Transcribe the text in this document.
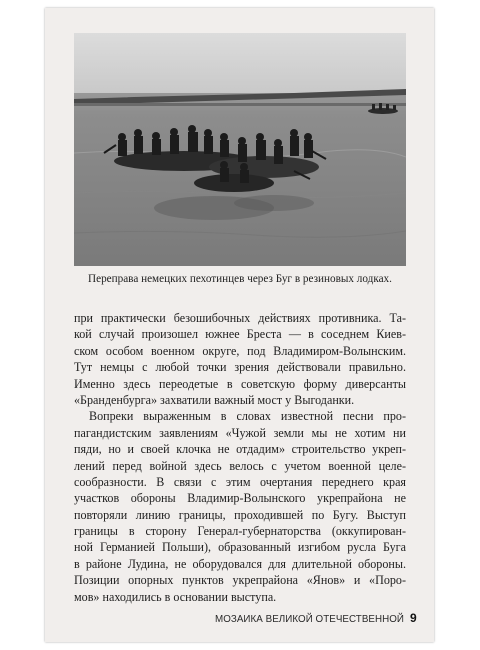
Переправа немецких пехотинцев через Буг в резиновых лодках.
при практически безошибочных действиях противника. Та-
кой случай произошел южнее Бреста — в соседнем Киев-
ском особом военном округе, под Владимиром-Волынским.
Тут немцы с любой точки зрения действовали правильно.
Именно здесь переодетые в советскую форму диверсанты
«Бранденбурга» захватили важный мост у Выгоданки.
Вопреки выраженным в словах известной песни про-
пагандистским заявлениям «Чужой земли мы не хотим ни
пяди, но и своей клочка не отдадим» строительство укреп-
лений перед войной здесь велось с учетом военной целе-
сообразности. В связи с этим очертания переднего края
участков обороны Владимир-Волынского укрепрайона не
повторяли линию границы, проходившей по Бугу. Выступ
границы в сторону Генерал-губернаторства (оккупирован-
ной Германией Польши), образованный изгибом русла Буга
в районе Лудина, не оборудовался для длительной обороны.
Позиции опорных пунктов укрепрайона «Янов» и «Поро-
мов» находились в основании выступа.
МОЗАИКА ВЕЛИКОЙ ОТЕЧЕСТВЕННОЙ 9
